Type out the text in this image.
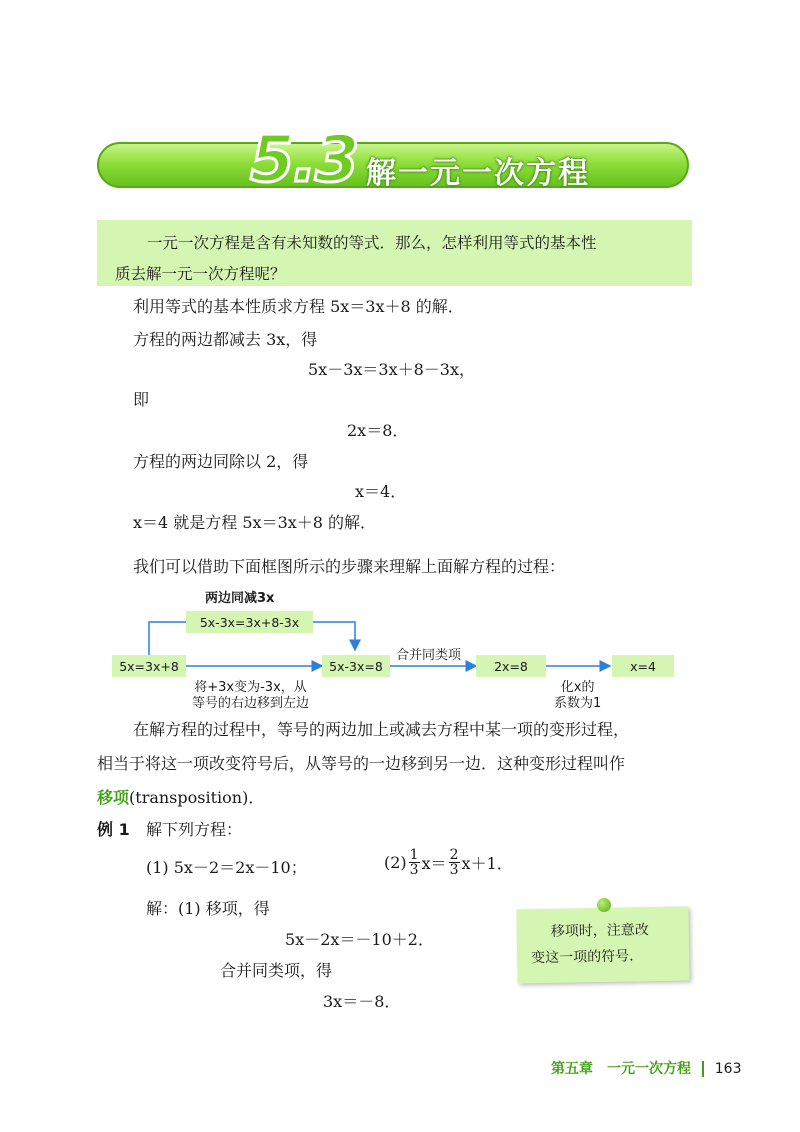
5.3 解一元一次方程
一元一次方程是含有未知数的等式．那么，怎样利用等式的基本性
质去解一元一次方程呢？
利用等式的基本性质求方程 5x＝3x＋8 的解．
方程的两边都减去 3x，得
5x－3x＝3x＋8－3x，
即
2x＝8．
方程的两边同除以 2，得
x＝4．
x＝4 就是方程 5x＝3x＋8 的解．
我们可以借助下面框图所示的步骤来理解上面解方程的过程：
两边同减3x
5x-3x=3x+8-3x
5x=3x+8	5x-3x=8
合并同类项
2x=8	x=4
将+3x变为-3x，从
等号的右边移到左边
化x的
系数为1
在解方程的过程中，等号的两边加上或减去方程中某一项的变形过程，
相当于将这一项改变符号后，从等号的一边移到另一边．这种变形过程叫作
移项(transposition)．
例 1 解下列方程：
(1) 5x－2＝2x－10；	$(2) \frac{1}{3} x= \frac{2}{3} x+1$．
解：(1) 移项，得
5x－2x＝－10＋2．
合并同类项，得
3x＝－8．
移项时，注意改
变这一项的符号．
第五章　一元一次方程 163
